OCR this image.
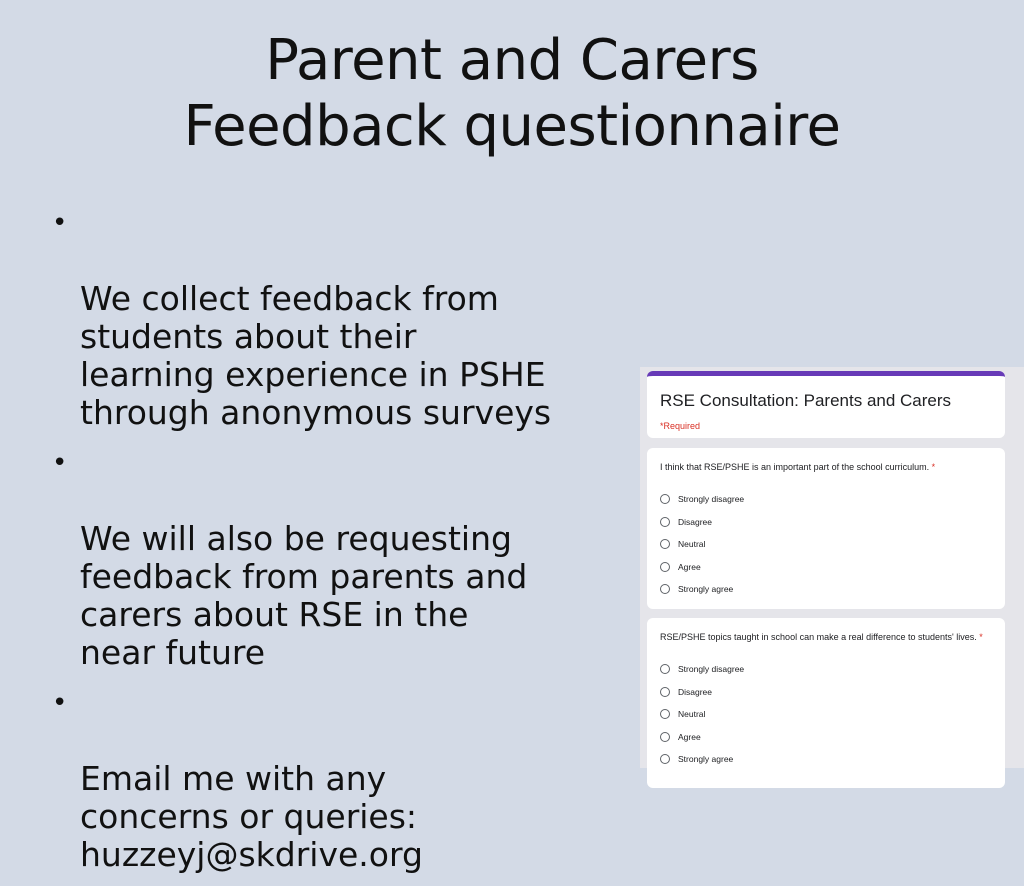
Parent and Carers
Feedback questionnaire

•

We collect feedback from
students about their
learning experience in PSHE
through anonymous surveys

•

We will also be requesting
feedback from parents and
carers about RSE in the
near future

•

Email me with any
concerns or queries:
huzzeyj@skdrive.org

RSE Consultation: Parents and Carers
*Required
I think that RSE/PSHE is an important part of the school curriculum. *
Strongly disagree
Disagree
Neutral
Agree
Strongly agree
RSE/PSHE topics taught in school can make a real difference to students' lives. *
Strongly disagree
Disagree
Neutral
Agree
Strongly agree
